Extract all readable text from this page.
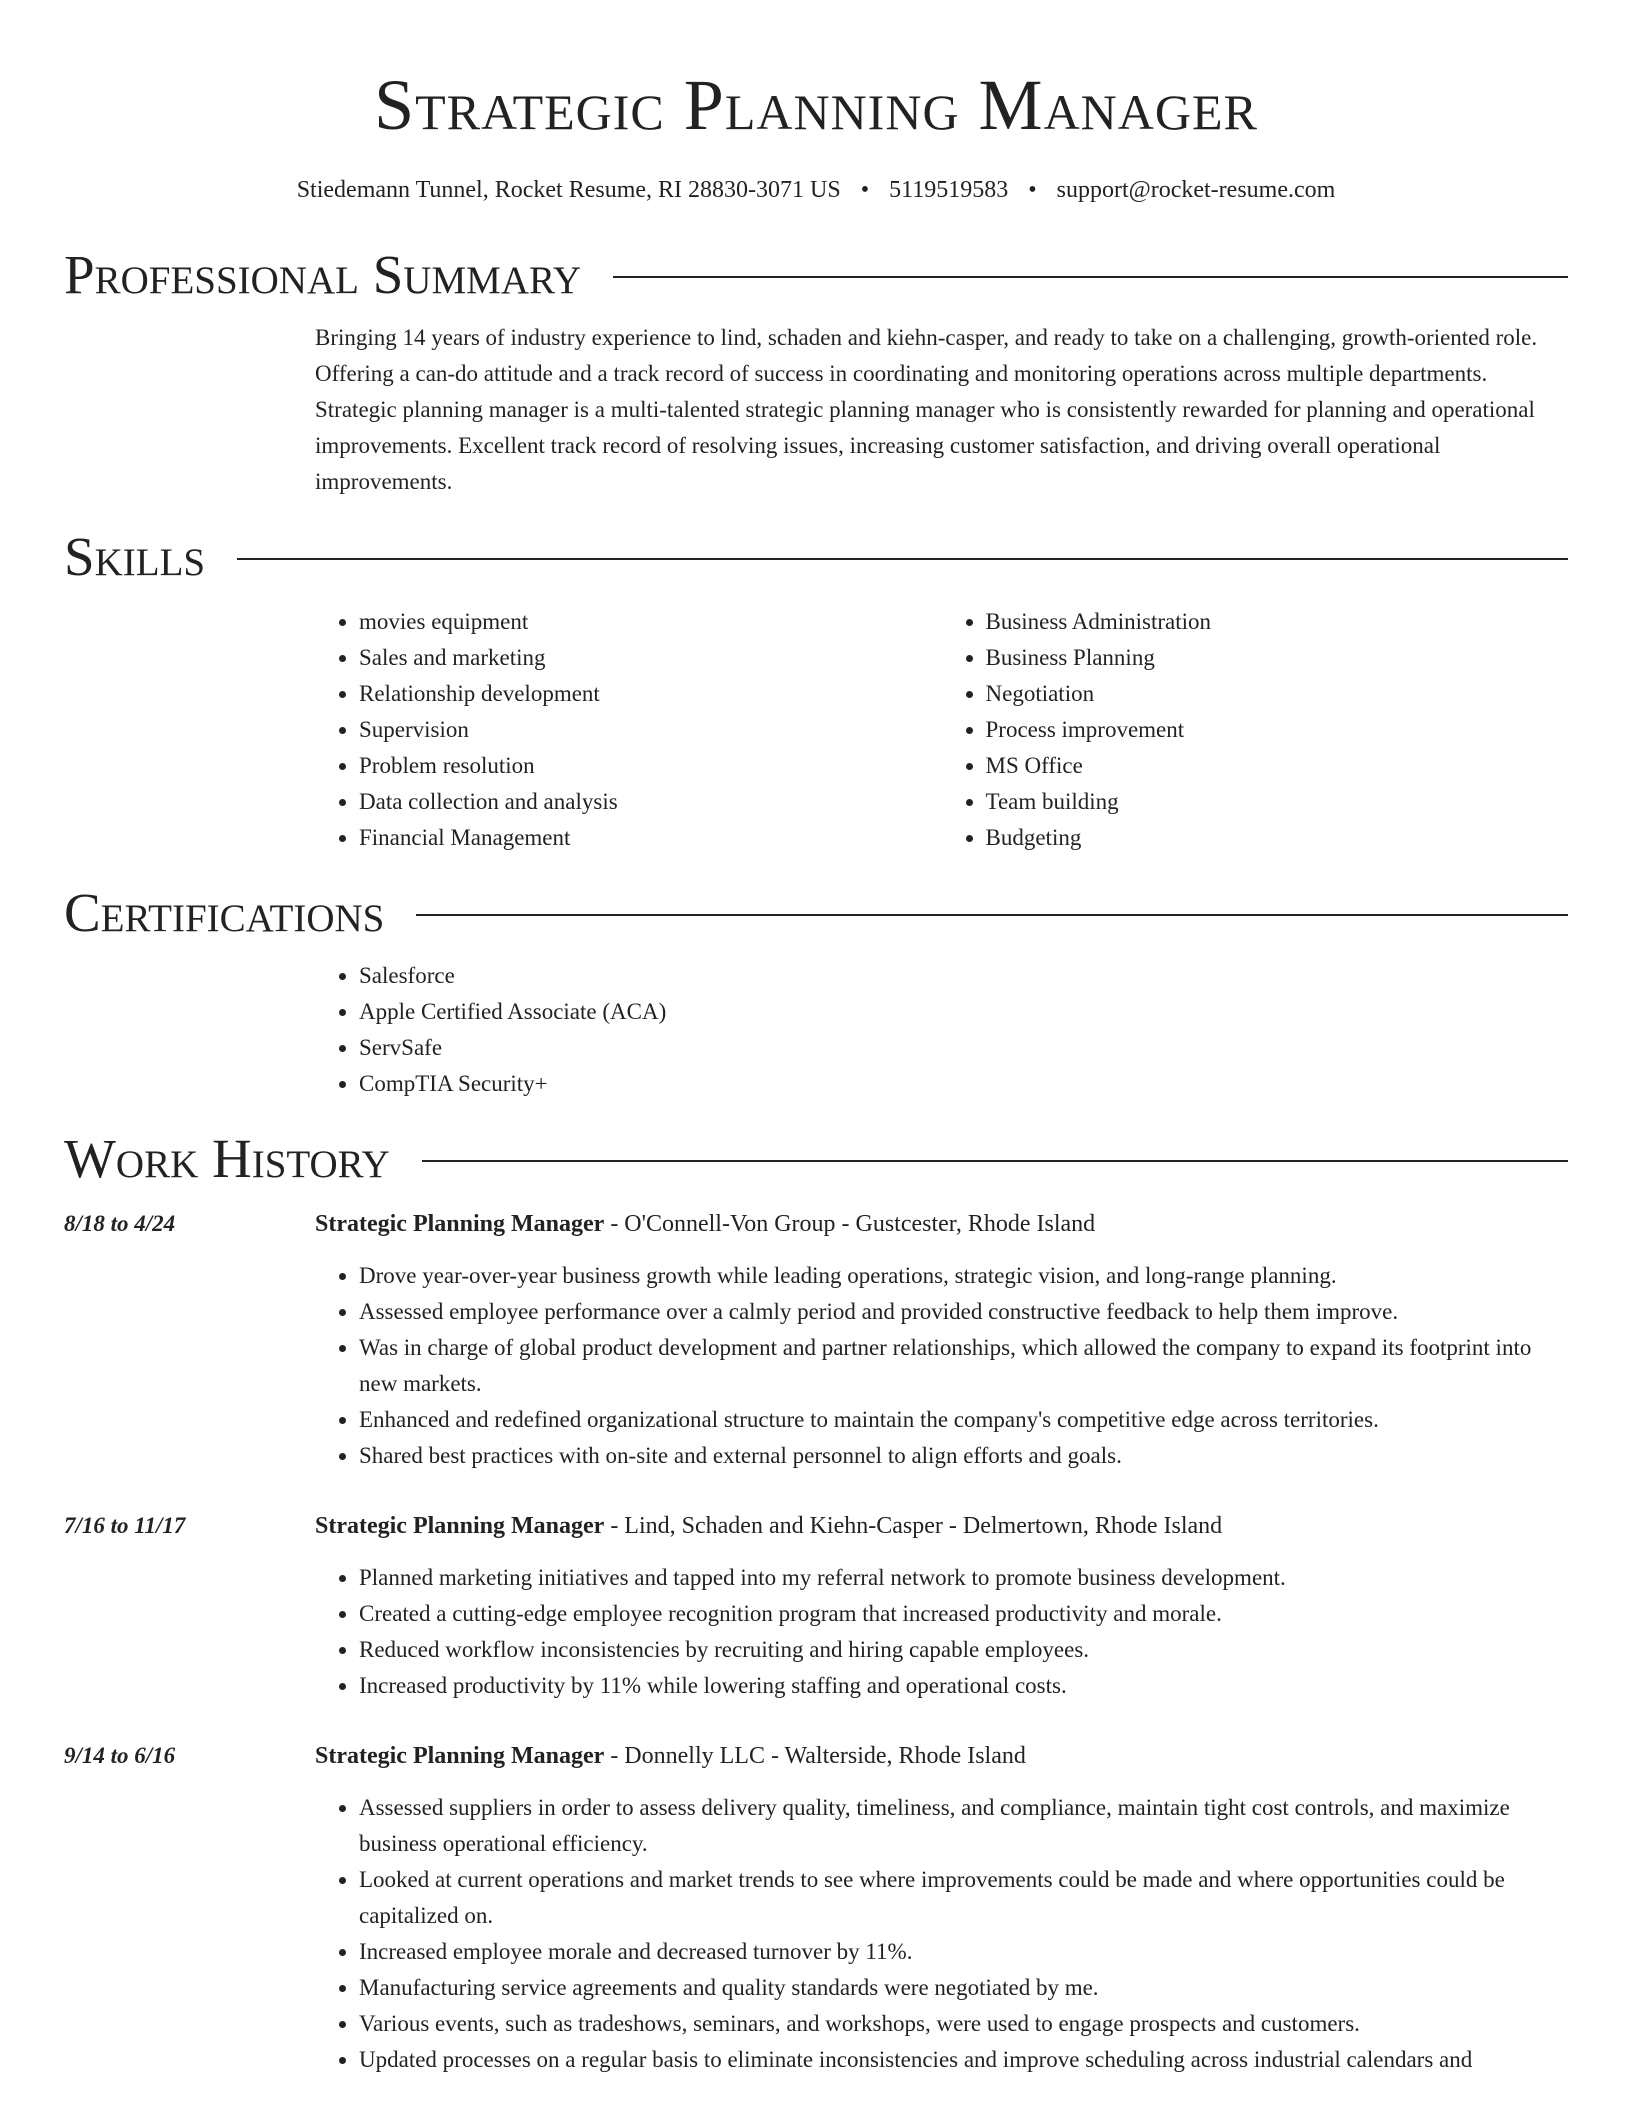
Strategic Planning Manager
Stiedemann Tunnel, Rocket Resume, RI 28830-3071 US • 5119519583 • support@rocket-resume.com
Professional Summary

Bringing 14 years of industry experience to lind, schaden and kiehn-casper, and ready to take on a challenging, growth-oriented role. Offering a can-do attitude and a track record of success in coordinating and monitoring operations across multiple departments. Strategic planning manager is a multi-talented strategic planning manager who is consistently rewarded for planning and operational improvements. Excellent track record of resolving issues, increasing customer satisfaction, and driving overall operational improvements.

Skills
• movies equipment
• Sales and marketing
• Relationship development
• Supervision
• Problem resolution
• Data collection and analysis
• Financial Management
• Business Administration
• Business Planning
• Negotiation
• Process improvement
• MS Office
• Team building
• Budgeting
Certifications
• Salesforce
• Apple Certified Associate (ACA)
• ServSafe
• CompTIA Security+
Work History
8/18 to 4/24	Strategic Planning Manager - O'Connell-Von Group - Gustcester, Rhode Island
• Drove year-over-year business growth while leading operations, strategic vision, and long-range planning.
• Assessed employee performance over a calmly period and provided constructive feedback to help them improve.
• Was in charge of global product development and partner relationships, which allowed the company to expand its footprint into new markets.
• Enhanced and redefined organizational structure to maintain the company's competitive edge across territories.
• Shared best practices with on-site and external personnel to align efforts and goals.
7/16 to 11/17	Strategic Planning Manager - Lind, Schaden and Kiehn-Casper - Delmertown, Rhode Island
• Planned marketing initiatives and tapped into my referral network to promote business development.
• Created a cutting-edge employee recognition program that increased productivity and morale.
• Reduced workflow inconsistencies by recruiting and hiring capable employees.
• Increased productivity by 11% while lowering staffing and operational costs.
9/14 to 6/16	Strategic Planning Manager - Donnelly LLC - Walterside, Rhode Island
• Assessed suppliers in order to assess delivery quality, timeliness, and compliance, maintain tight cost controls, and maximize business operational efficiency.
• Looked at current operations and market trends to see where improvements could be made and where opportunities could be capitalized on.
• Increased employee morale and decreased turnover by 11%.
• Manufacturing service agreements and quality standards were negotiated by me.
• Various events, such as tradeshows, seminars, and workshops, were used to engage prospects and customers.
• Updated processes on a regular basis to eliminate inconsistencies and improve scheduling across industrial calendars and
